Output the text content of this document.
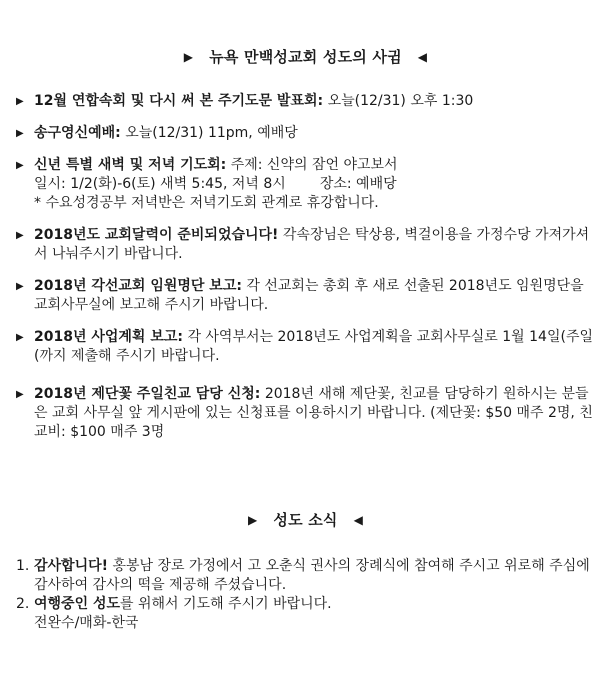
▶ 뉴욕 만백성교회 성도의 사귐 ◀
▶ 12월 연합속회 및 다시 써 본 주기도문 발표회: 오늘(12/31) 오후 1:30
▶ 송구영신예배: 오늘(12/31) 11pm, 예배당
▶ 신년 특별 새벽 및 저녁 기도회: 주제: 신약의 잠언 야고보서
일시: 1/2(화)-6(토) 새벽 5:45, 저녁 8시 장소: 예배당
* 수요성경공부 저녁반은 저녁기도회 관계로 휴강합니다.
▶ 2018년도 교회달력이 준비되었습니다! 각속장님은 탁상용, 벽걸이용을 가정수당 가져가셔서 나눠주시기 바랍니다.
▶ 2018년 각선교회 임원명단 보고: 각 선교회는 총회 후 새로 선출된 2018년도 임원명단을 교회사무실에 보고해 주시기 바랍니다.
▶ 2018년 사업계획 보고: 각 사역부서는 2018년도 사업계획을 교회사무실로 1월 14일(주일(까지 제출해 주시기 바랍니다.
▶ 2018년 제단꽃 주일친교 담당 신청: 2018년 새해 제단꽃, 친교를 담당하기 원하시는 분들은 교회 사무실 앞 게시판에 있는 신청표를 이용하시기 바랍니다. (제단꽃: $50 매주 2명, 친교비: $100 매주 3명
▶ 성도 소식 ◀
1. 감사합니다! 홍봉남 장로 가정에서 고 오춘식 권사의 장례식에 참여해 주시고 위로해 주심에 감사하여 감사의 떡을 제공해 주셨습니다.
2. 여행중인 성도를 위해서 기도해 주시기 바랍니다.
전완수/매화-한국
